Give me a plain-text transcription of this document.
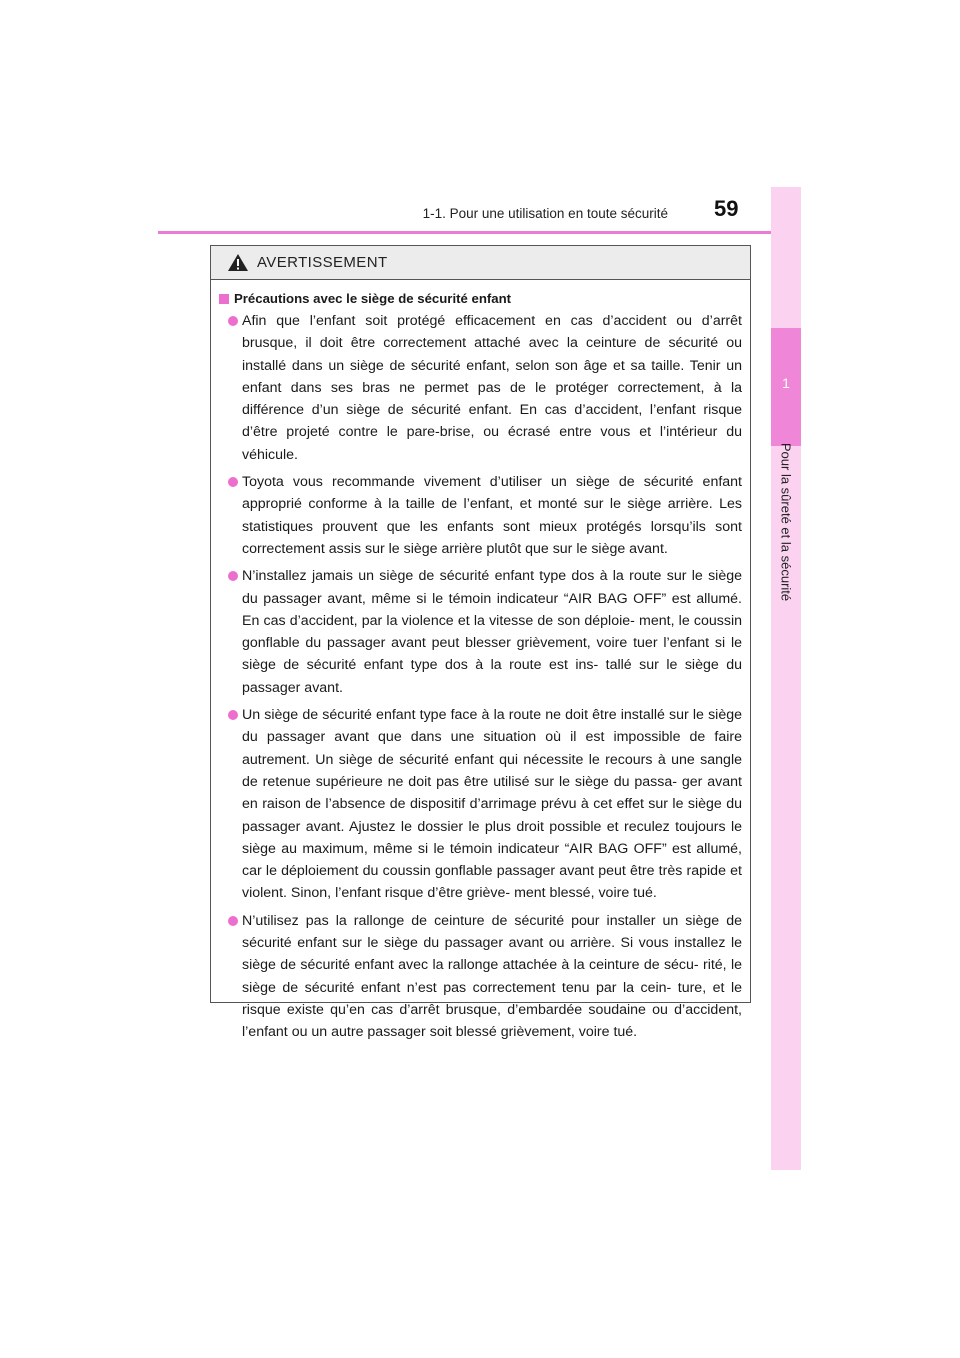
1-1. Pour une utilisation en toute sécurité 59
1
Pour la sûreté et la sécurité
AVERTISSEMENT
Précautions avec le siège de sécurité enfant
Afin que l’enfant soit protégé efficacement en cas d’accident ou d’arrêt brusque, il doit être correctement attaché avec la ceinture de sécurité ou installé dans un siège de sécurité enfant, selon son âge et sa taille. Tenir un enfant dans ses bras ne permet pas de le protéger correctement, à la différence d’un siège de sécurité enfant. En cas d’accident, l’enfant risque d’être projeté contre le pare-brise, ou écrasé entre vous et l’intérieur du véhicule.
Toyota vous recommande vivement d’utiliser un siège de sécurité enfant approprié conforme à la taille de l’enfant, et monté sur le siège arrière. Les statistiques prouvent que les enfants sont mieux protégés lorsqu’ils sont correctement assis sur le siège arrière plutôt que sur le siège avant.
N’installez jamais un siège de sécurité enfant type dos à la route sur le siège du passager avant, même si le témoin indicateur “AIR BAG OFF” est allumé. En cas d’accident, par la violence et la vitesse de son déploie- ment, le coussin gonflable du passager avant peut blesser grièvement, voire tuer l’enfant si le siège de sécurité enfant type dos à la route est ins- tallé sur le siège du passager avant.
Un siège de sécurité enfant type face à la route ne doit être installé sur le siège du passager avant que dans une situation où il est impossible de faire autrement. Un siège de sécurité enfant qui nécessite le recours à une sangle de retenue supérieure ne doit pas être utilisé sur le siège du passa- ger avant en raison de l’absence de dispositif d’arrimage prévu à cet effet sur le siège du passager avant. Ajustez le dossier le plus droit possible et reculez toujours le siège au maximum, même si le témoin indicateur “AIR BAG OFF” est allumé, car le déploiement du coussin gonflable passager avant peut être très rapide et violent. Sinon, l’enfant risque d’être griève- ment blessé, voire tué.
N’utilisez pas la rallonge de ceinture de sécurité pour installer un siège de sécurité enfant sur le siège du passager avant ou arrière. Si vous installez le siège de sécurité enfant avec la rallonge attachée à la ceinture de sécu- rité, le siège de sécurité enfant n’est pas correctement tenu par la cein- ture, et le risque existe qu’en cas d’arrêt brusque, d’embardée soudaine ou d’accident, l’enfant ou un autre passager soit blessé grièvement, voire tué.
